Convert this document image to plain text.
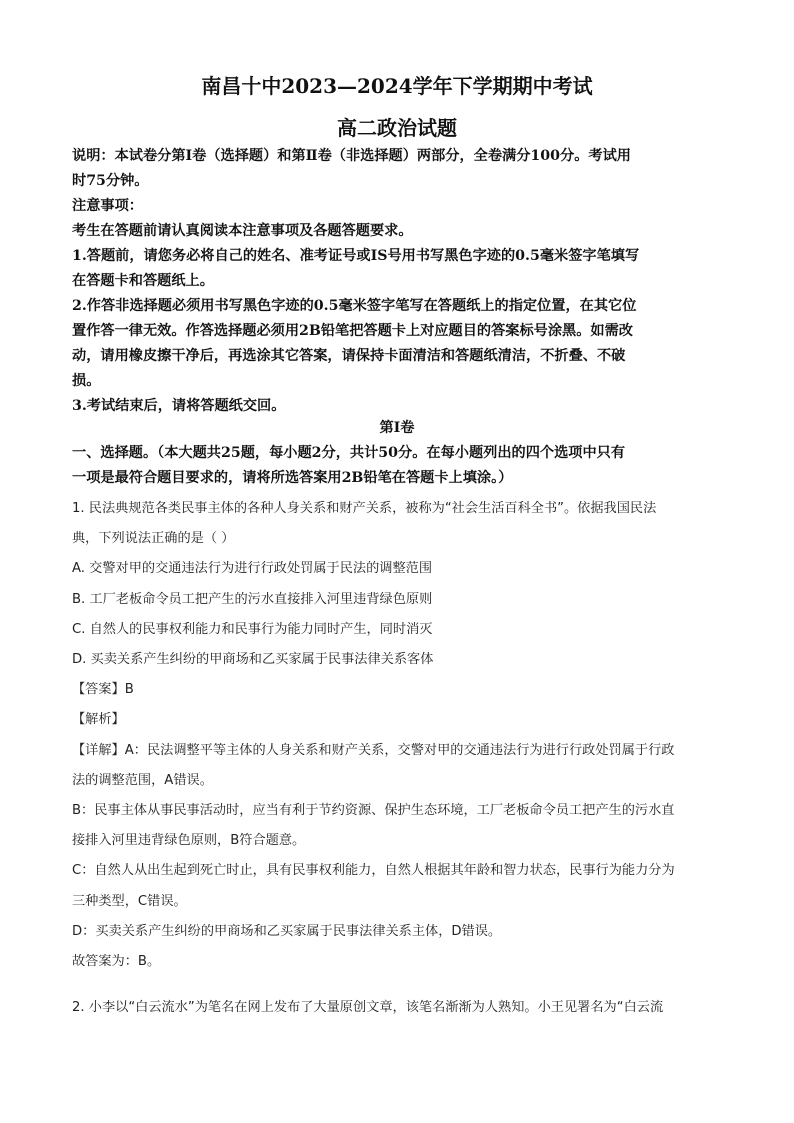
南昌十中2023—2024学年下学期期中考试
高二政治试题
说明：本试卷分第Ⅰ卷（选择题）和第Ⅱ卷（非选择题）两部分，全卷满分100分。考试用
时75分钟。
注意事项：
考生在答题前请认真阅读本注意事项及各题答题要求。
1.答题前，请您务必将自己的姓名、准考证号或IS号用书写黑色字迹的0.5毫米签字笔填写
在答题卡和答题纸上。
2.作答非选择题必须用书写黑色字迹的0.5毫米签字笔写在答题纸上的指定位置，在其它位
置作答一律无效。作答选择题必须用2B铅笔把答题卡上对应题目的答案标号涂黑。如需改
动，请用橡皮擦干净后，再选涂其它答案，请保持卡面清洁和答题纸清洁，不折叠、不破
损。
3.考试结束后，请将答题纸交回。
第Ⅰ卷
一、选择题。（本大题共25题，每小题2分，共计50分。在每小题列出的四个选项中只有
一项是最符合题目要求的，请将所选答案用2B铅笔在答题卡上填涂。）
1. 民法典规范各类民事主体的各种人身关系和财产关系，被称为“社会生活百科全书”。依据我国民法
典，下列说法正确的是（ ）
A. 交警对甲的交通违法行为进行行政处罚属于民法的调整范围
B. 工厂老板命令员工把产生的污水直接排入河里违背绿色原则
C. 自然人的民事权利能力和民事行为能力同时产生，同时消灭
D. 买卖关系产生纠纷的甲商场和乙买家属于民事法律关系客体
【答案】B
【解析】
【详解】A：民法调整平等主体的人身关系和财产关系，交警对甲的交通违法行为进行行政处罚属于行政
法的调整范围，A错误。
B：民事主体从事民事活动时，应当有利于节约资源、保护生态环境，工厂老板命令员工把产生的污水直
接排入河里违背绿色原则，B符合题意。
C：自然人从出生起到死亡时止，具有民事权利能力，自然人根据其年龄和智力状态，民事行为能力分为
三种类型，C错误。
D：买卖关系产生纠纷的甲商场和乙买家属于民事法律关系主体，D错误。
故答案为：B。
2. 小李以“白云流水”为笔名在网上发布了大量原创文章，该笔名渐渐为人熟知。小王见署名为“白云流
